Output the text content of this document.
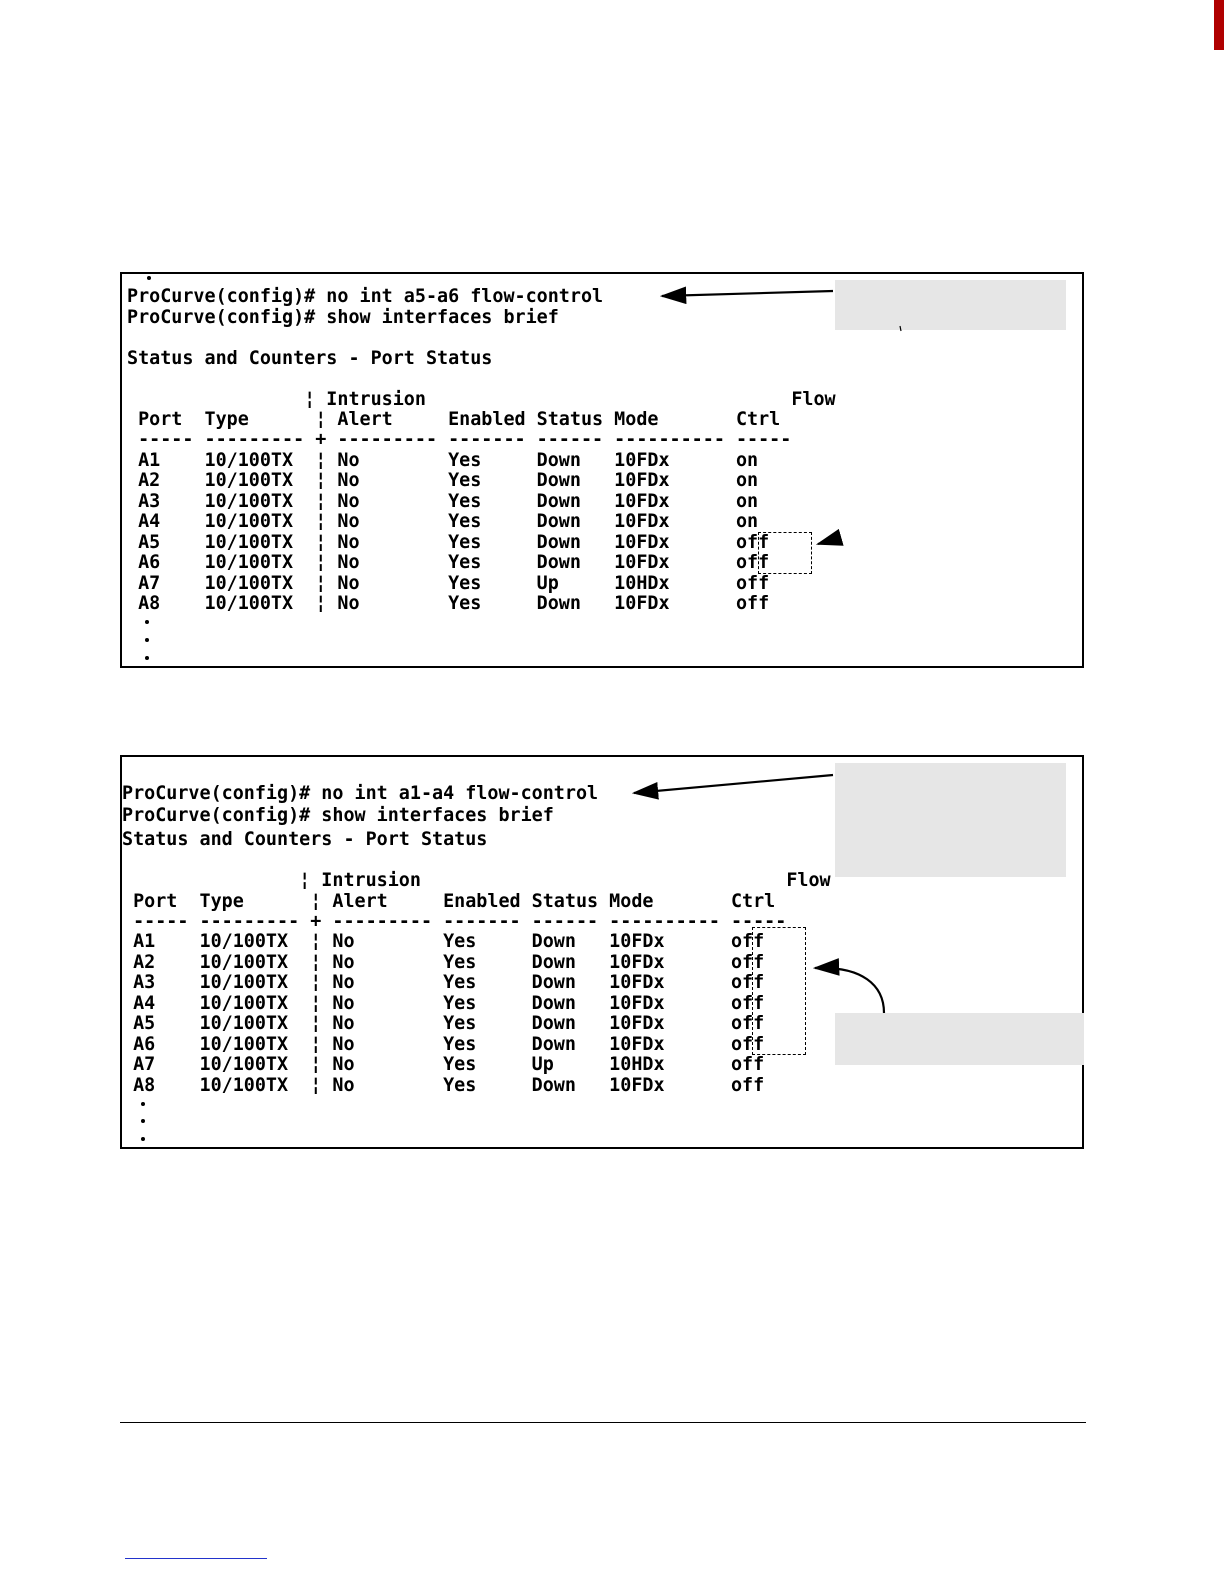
ProCurve(config)# no int a5-a6 flow-control
ProCurve(config)# show interfaces brief
Status and Counters - Port Status
¦ Intrusion                                 Flow
Port  Type      ¦ Alert     Enabled Status Mode       Ctrl
----- --------- + --------- ------- ------ ---------- -----
A1    10/100TX  ¦ No        Yes     Down   10FDx      on
A2    10/100TX  ¦ No        Yes     Down   10FDx      on
A3    10/100TX  ¦ No        Yes     Down   10FDx      on
A4    10/100TX  ¦ No        Yes     Down   10FDx      on
A5    10/100TX  ¦ No        Yes     Down   10FDx      off
A6    10/100TX  ¦ No        Yes     Down   10FDx      off
A7    10/100TX  ¦ No        Yes     Up     10HDx      off
A8    10/100TX  ¦ No        Yes     Down   10FDx      off
ProCurve(config)# no int a1-a4 flow-control
ProCurve(config)# show interfaces brief
Status and Counters - Port Status
¦ Intrusion                                 Flow
Port  Type      ¦ Alert     Enabled Status Mode       Ctrl
----- --------- + --------- ------- ------ ---------- -----
A1    10/100TX  ¦ No        Yes     Down   10FDx      off
A2    10/100TX  ¦ No        Yes     Down   10FDx      off
A3    10/100TX  ¦ No        Yes     Down   10FDx      off
A4    10/100TX  ¦ No        Yes     Down   10FDx      off
A5    10/100TX  ¦ No        Yes     Down   10FDx      off
A6    10/100TX  ¦ No        Yes     Down   10FDx      off
A7    10/100TX  ¦ No        Yes     Up     10HDx      off
A8    10/100TX  ¦ No        Yes     Down   10FDx      off
